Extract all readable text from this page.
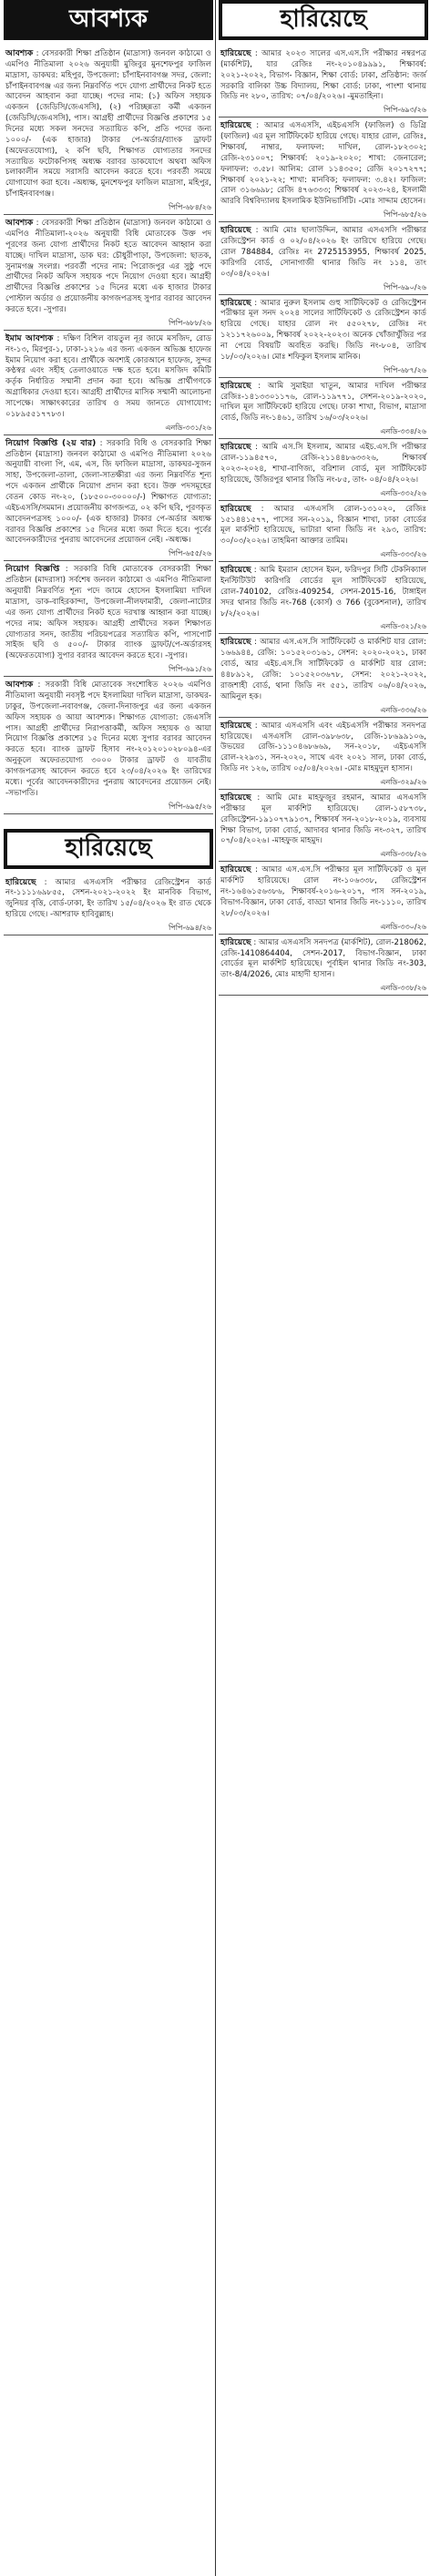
আবশ্যক
আবশ্যক : বেসরকারী শিক্ষা প্রতিষ্ঠান (মাদ্রাসা) জনবল কাঠামো ও এমপিও নীতিমালা ২০২৬ অনুযায়ী মুজিবুর মুনশেফপুর ফাজিল মাদ্রাসা, ডাকঘর: মহিপুর, উপজেলা: চাঁপাইনবাবগঞ্জ সদর, জেলা: চাঁপাইনবাবগঞ্জ এর জন্য নিম্নবর্ণিত পদে যোগ্য প্রার্থীদের নিকট হতে আবেদন আহবান করা যাচ্ছে। পদের নাম: (১) অফিস সহায়ক একজন (জেডিসি/জেএসসি), (২) পরিচ্ছন্নতা কর্মী একজন (জেডিসি/জেএসসি), পাস। আগ্রহী প্রার্থীদের বিজ্ঞপ্তি প্রকাশের ১৫ দিনের মধ্যে সকল সনদের সত্যায়িত কপি, প্রতি পদের জন্য ১০০০/- (এক হাজার) টাকার পে-অর্ডার/ব্যাংক ড্রাফট (অফেরতযোগ্য), ২ কপি ছবি, শিক্ষাগত যোগ্যতার সনদের সত্যায়িত ফটোকপিসহ অধ্যক্ষ বরাবর ডাকযোগে অথবা অফিস চলাকালীন সময়ে সরাসরি আবেদন করতে হবে। পরবর্তী সময়ে যোগাযোগ করা হবে। -অধ্যক্ষ, মুনশেফপুর ফাজিল মাদ্রাসা, মহিপুর, চাঁপাইনবাবগঞ্জ।
পিপি-৬৮৪/২৬
আবশ্যক : বেসরকারী শিক্ষা প্রতিষ্ঠান (মাদ্রাসা) জনবল কাঠামো ও এমপিও নীতিমালা-২০২৬ অনুযায়ী বিধি মোতাবেক উক্ত পদ পূরণের জন্য যোগ্য প্রার্থীদের নিকট হতে আবেদন আহ্বান করা যাচ্ছে। দাখিল মাদ্রাসা, ডাক ঘর: চৌধুরীপাড়া, উপজেলা: ছাতক, সুনামগঞ্জ সংলগ্ন। পরবর্তী পদের নাম: পিরোজপুর এর সুষ্ঠু পদে প্রার্থীদের নিকট অফিস সহায়ক পদে নিয়োগ দেওয়া হবে। আগ্রহী প্রার্থীদের বিজ্ঞপ্তি প্রকাশের ১৫ দিনের মধ্যে এক হাজার টাকার পোস্টাল অর্ডার ও প্রয়োজনীয় কাগজপত্রসহ সুপার বরাবর আবেদন করতে হবে। -সুপার।
পিপি-৬৮৮/২৬
ইমাম আবশ্যক : দক্ষিণ বিশিল বায়তুল নূর জামে মসজিদ, রোড নং-১৩, মিরপুর-১, ঢাকা-১২১৬ এর জন্য একজন অভিজ্ঞ হাফেজ ইমাম নিয়োগ করা হবে। প্রার্থীকে অবশ্যই কোরআনে হাফেজ, সুন্দর কণ্ঠস্বর এবং সহীহ তেলাওয়াতে দক্ষ হতে হবে। মসজিদ কমিটি কর্তৃক নির্ধারিত সম্মানী প্রদান করা হবে। অভিজ্ঞ প্রার্থীগণকে অগ্রাধিকার দেওয়া হবে। আগ্রহী প্রার্থীদের মাসিক সম্মানী আলোচনা সাপেক্ষে। সাক্ষাৎকারের তারিখ ও সময় জানতে যোগাযোগ: ০১৮৯৫৫১৭৭৮৩।
এনডি-৩৩১/২৬
নিয়োগ বিজ্ঞপ্তি (২য় বার) : সরকারি বিধি ও বেসরকারি শিক্ষা প্রতিষ্ঠান (মাদ্রাসা) জনবল কাঠামো ও এমপিও নীতিমালা ২০২৬ অনুযায়ী বাংলা পি, এম, এস, জি ফাজিল মাদ্রাসা, ডাকঘর-সুজন সাহা, উপজেলা-তালা, জেলা-সাতক্ষীরা এর জন্য নিম্নবর্ণিত শূন্য পদে একজন প্রার্থীকে নিয়োগ প্রদান করা হবে। উক্ত পদসমূহের বেতন কোড নং-২০, (১৮৫০০-৩০০০০/-) শিক্ষাগত যোগ্যতা: এইচএসসি/সমমান। প্রয়োজনীয় কাগজপত্র, ০২ কপি ছবি, পূরণকৃত আবেদনপত্রসহ ১০০০/- (এক হাজার) টাকার পে-অর্ডার অধ্যক্ষ বরাবর বিজ্ঞপ্তি প্রকাশের ১৫ দিনের মধ্যে জমা দিতে হবে। পূর্বের আবেদনকারীদের পুনরায় আবেদনের প্রয়োজন নেই। -অধ্যক্ষ।
পিপি-৬৫৫/২৬
নিয়োগ বিজ্ঞপ্তি : সরকারি বিধি মোতাবেক বেসরকারী শিক্ষা প্রতিষ্ঠান (মাদরাসা) সর্বশেষ জনবল কাঠামো ও এমপিও নীতিমালা অনুযায়ী নিম্নবর্ণিত শূন্য পদে জামে হোসেন ইসলামিয়া দাখিল মাদ্রাসা, ডাক-বাহিরকান্দা, উপজেলা-নীলফামারী, জেলা-নাটোর এর জন্য যোগ্য প্রার্থীদের নিকট হতে দরখাস্ত আহ্বান করা যাচ্ছে। পদের নাম: অফিস সহায়ক। আগ্রহী প্রার্থীদের সকল শিক্ষাগত যোগ্যতার সনদ, জাতীয় পরিচয়পত্রের সত্যায়িত কপি, পাসপোর্ট সাইজ ছবি ও ৫০০/- টাকার ব্যাংক ড্রাফট/পে-অর্ডারসহ (অফেরতযোগ্য) সুপার বরাবর আবেদন করতে হবে। -সুপার।
পিপি-৬৯১/২৬
আবশ্যক : সরকারী বিধি মোতাবেক সংশোধিত ২০২৬ এমপিও নীতিমালা অনুযায়ী নবসৃষ্ট পদে ইসলামিয়া দাখিল মাদ্রাসা, ডাকঘর-ঢাকুর, উপজেলা-নবাবগঞ্জ, জেলা-দিনাজপুর এর জন্য একজন অফিস সহায়ক ও আয়া আবশ্যক। শিক্ষাগত যোগ্যতা: জেএসসি পাস। আগ্রহী প্রার্থীদের নিরাপত্তাকর্মী, অফিস সহায়ক ও আয়া নিয়োগ বিজ্ঞপ্তি প্রকাশের ১৫ দিনের মধ্যে সুপার বরাবর আবেদন করতে হবে। ব্যাংক ড্রাফট হিসাব নং-২০১২০১০২৮০৯৪-এর অনুকূলে অফেরতযোগ্য ৩০০০ টাকার ড্রাফট ও যাবতীয় কাগজপত্রসহ আবেদন করতে হবে ২৩/০৪/২০২৬ ইং তারিখের মধ্যে। পূর্বের আবেদনকারীদের পুনরায় আবেদনের প্রয়োজন নেই। -সভাপতি।
পিপি-৬৯৫/২৬
হারিয়েছে
হারিয়েছে : আমার এসএসসি পরীক্ষার রেজিস্ট্রেশন কার্ড নং-১১১১৬৯৮৫৫, সেশন-২০২১-২০২২ ইং মানবিক বিভাগ, জুনিয়র বৃত্তি, বোর্ড-ঢাকা, ইং তারিখ ১৫/০৪/২০২৬ ইং রাত থেকে হারিয়ে গেছে। -আশরাফ হাবিবুল্লাহ।
পিপি-৬৯৪/২৬
হারিয়েছে
হারিয়েছে : আমার ২০২৩ সালের এস.এস.সি পরীক্ষার নম্বরপত্র (মার্কশিট), যার রেজিঃ নং-২০১০৪৯৯৯১, শিক্ষাবর্ষ: ২০২১-২০২২, বিভাগ- বিজ্ঞান, শিক্ষা বোর্ড: ঢাকা, প্রতিষ্ঠান: জর্জ সরকারি বালিকা উচ্চ বিদ্যালয়, শিক্ষা বোর্ড: ঢাকা, পাংশা থানায় জিডি নং ২৮০, তারিখ: ০৭/০৪/২০২৬। -মুমতাহিনা।
পিপি-৬৯৩/২৬
হারিয়েছে : আমার এসএসসি, এইচএসসি (ফাজিল) ও ডিগ্রি (ফাজিল) এর মূল সার্টিফিকেট হারিয়ে গেছে। যাহার রোল, রেজিঃ, শিক্ষাবর্ষ, নাম্বার, ফলাফল: দাখিল, রোল-১৮২৩০২; রেজি-২৩১০০৭; শিক্ষাবর্ষ: ২০১৯-২০২০; শাখা: জেনারেল; ফলাফল: ৩.৫৮। আলিম: রোল ১১৪৩৫০; রেজি ২০১৭২৭৭; শিক্ষাবর্ষ ২০২১-২২; শাখা: মানবিক; ফলাফল: ৩.৪২। ফাজিল: রোল ৩১৬৬৯৮; রেজি ৪৭৬৩৩৩; শিক্ষাবর্ষ ২০২৩-২৪, ইসলামী আরবি বিশ্ববিদ্যালয় ইসলামিক ইউনিভার্সিটি। -মোঃ সাদ্দাম হোসেন।
পিপি-৬৮৫/২৬
হারিয়েছে : আমি মোঃ ছালাউদ্দিন, আমার এসএসসি পরীক্ষার রেজিস্ট্রেশন কার্ড ও ০২/০৪/২০২৬ ইং তারিখে হারিয়ে গেছে। রোল 784884, রেজিঃ নং 2725153955, শিক্ষাবর্ষ 2025, কারিগরি বোর্ড, সোনাগাজী থানার জিডি নং ১১৪, তাং ০৩/০৪/২০২৬।
পিপি-৬৯০/২৬
হারিয়েছে : আমার নুরুল ইসলাম গুহু সার্টিফিকেট ও রেজিস্ট্রেশন পরীক্ষার মূল সনদ ২০২৪ সালের সার্টিফিকেট ও রেজিস্ট্রেশন কার্ড হারিয়ে গেছে। যাহার রোল নং ৫৫০২৭৮, রেজিঃ নং ১২১১৭২৬০০৯, শিক্ষাবর্ষ ২০২২-২০২৩। অনেক খোঁজাখুঁজির পর না পেয়ে বিষয়টি অবহিত করছি। জিডি নং-৮০৪, তারিখ ১৮/০৩/২০২৬। মোঃ শফিকুল ইসলাম মানিক।
পিপি-৬৮৭/২৬
হারিয়েছে : আমি সুমাইয়া খাতুন, আমার দাখিল পরীক্ষার রেজিঃ-১৪১৩৩০১১৭৬, রোল-১১৯৭৭১, সেশন-২০১৯-২০২০, দাখিল মূল সার্টিফিকেট হারিয়ে গেছে। ঢাকা শাখা, বিভাগ, মাদ্রাসা বোর্ড, জিডি নং-১৪৬১, তারিখ ১৬/০৩/২০২৬।
এনডি-৩৩৪/২৬
হারিয়েছে : আমি এস.সি ইসলাম, আমার এইচ.এস.সি পরীক্ষার রোল-১১৯৪৫৭০, রেজি-২১১৪৪৮৬৩৩২৬, শিক্ষাবর্ষ ২০২৩-২০২৪, শাখা-বাণিজ্য, বরিশাল বোর্ড, মূল সার্টিফিকেট হারিয়েছে, উজিরপুর থানার জিডি নং-৮৫, তাং- ০৪/০৪/২০২৬।
এনডি-৩৩২/২৬
হারিয়েছে : আমার এসএসসি রোল-১৩১০২০, রেজিঃ ১৫১৪৪১৫৭৭, পাসের সন-২০১৯, বিজ্ঞান শাখা, ঢাকা বোর্ডের মূল মার্কশিট হারিয়েছে, ভাটারা থানা জিডি নং ২৯৩, তারিখ: ৩০/০৩/২০২৬। তাহমিনা আক্তার তামিম।
এনডি-৩৩৩/২৬
হারিয়েছে : আমি ইমরান হোসেন ইমন, ফরিদপুর সিটি টেকনিক্যাল ইনস্টিটিউট কারিগরি বোর্ডের মূল সার্টিফিকেট হারিয়েছে, রোল-740102, রেজিঃ-409254, সেশন-2015-16, টাঙ্গাইল সদর থানার জিডি নং-768 (কোর্স) ও 766 (বুকেশনাল), তারিখ ৮/২/২০২৬।
এনডি-৩২১/২৬
হারিয়েছে : আমার এস.এস.সি সার্টিফিকেট ও মার্কশিট যার রোল: ১৬৬৯৪৪, রেজি: ১০১৫২০৩১৬১, সেশন: ২০২০-২০২১, ঢাকা বোর্ড, আর এইচ.এস.সি সার্টিফিকেট ও মার্কশিট যার রোল: ৪৪৮৯১২, রেজি: ১০১৫২০৩৬৭৮, সেশন: ২০২১-২০২২, রাজশাহী বোর্ড, থানা জিডি নং ৫৫১, তারিখ ০৬/০৪/২০২৬, আমিনুল হক।
এনডি-৩৩৬/২৬
হারিয়েছে : আমার এসএসসি এবং এইচএসসি পরীক্ষার সনদপত্র হারিয়েছে। এসএসসি রোল-৩৯৮৬৩৮, রেজি-১৮৬৯৯১০৬, উভয়ের রেজি-১১১০৪৬৮৬৬৯, সন-২০১৮, এইচএসসি রোল-২২৯৩১, সন-২০২০, সাথে এবং ২০২১ সাল, ঢাকা বোর্ড, জিডি নং ১২৬, তারিখ ০৫/০৪/২০২৬। -মোঃ মাহমুদুল হাসান।
এনডি-৩২৯/২৬
হারিয়েছে : আমি মোঃ মাহফুজুর রহমান, আমার এসএসসি পরীক্ষার মূল মার্কশিট হারিয়েছে। রোল-১৫৮৭৩৮, রেজিস্ট্রেশন-১৯১০৭৭৯১৩৭, শিক্ষাবর্ষ সন-২০১৮-২০১৯, ব্যবসায় শিক্ষা বিভাগ, ঢাকা বোর্ড, আদাবর থানার জিডি নং-৩২৭, তারিখ ০৭/০৪/২০২৬। -মাহফুজ মাহমুদ।
এনডি-৩৩৮/২৬
হারিয়েছে : আমার এস.এস.সি পরীক্ষার মূল সার্টিফিকেট ও মূল মার্কশিট হারিয়েছে। রোল নং-১০৬৩৩৮, রেজিস্ট্রেশন নং-১৬৪৬১৫৬৩৮৬, শিক্ষাবর্ষ-২০১৬-২০১৭, পাস সন-২০১৯, বিভাগ-বিজ্ঞান, ঢাকা বোর্ড, বাড্ডা থানার জিডি নং-১১১০, তারিখ ২৮/০৩/২০২৬।
এনডি-৩৩০/২৬
হারিয়েছে : আমার এসএসসি সনদপত্র (মার্কশিট), রোল-218062, রেজি-1410864404, সেশন-2017, বিভাগ-বিজ্ঞান, ঢাকা বোর্ডের মূল মার্কশিট হারিয়েছে। পূর্বাইল থানার জিডি নং-303, তাং-8/4/2026, মোঃ মাহাদী হাসান।
এনডি-৩৩৮/২৬
